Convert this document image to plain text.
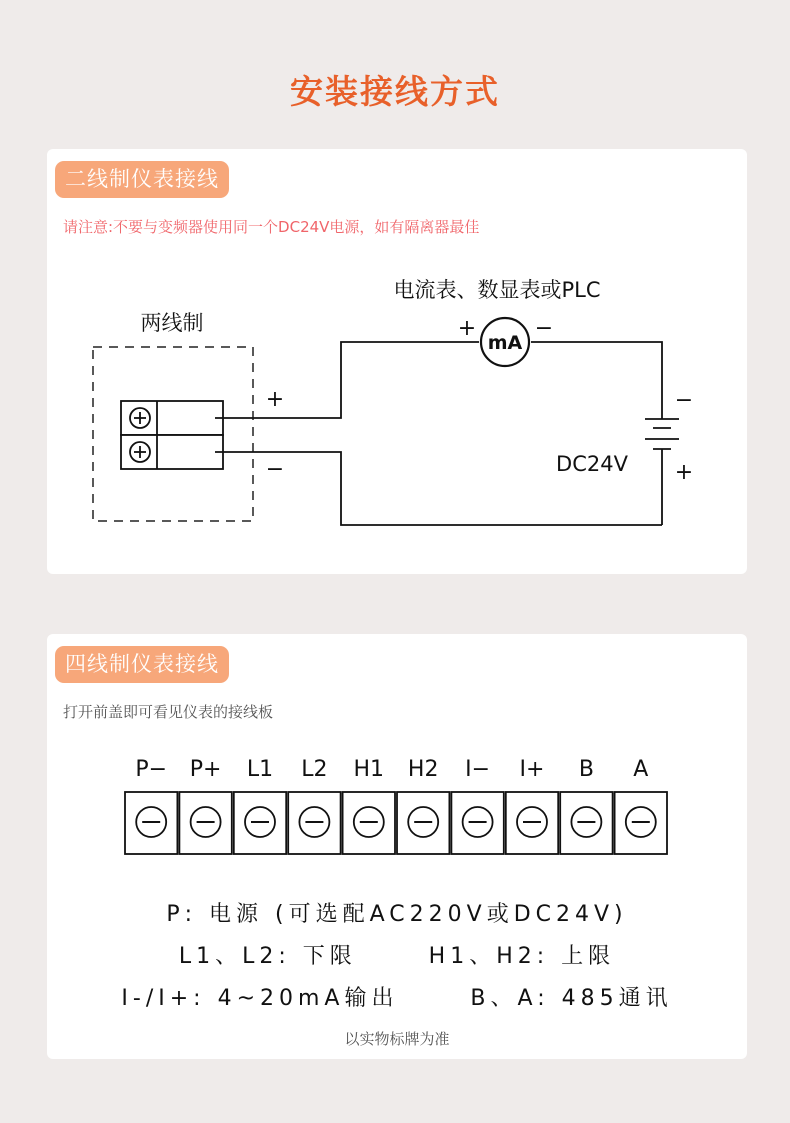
安装接线方式
二线制仪表接线
请注意:不要与变频器使用同一个DC24V电源，如有隔离器最佳
两线制
+
−
电流表、数显表或PLC
+	−
mA
−
+
DC24V
四线制仪表接线
打开前盖即可看见仪表的接线板
P− P+ L1 L2 H1 H2 I− I+ B A
P: 电源 (可选配AC220V或DC24V)
L1、L2: 下限      H1、H2: 上限
I-/I+: 4~20mA输出      B、A: 485通讯
以实物标牌为准
